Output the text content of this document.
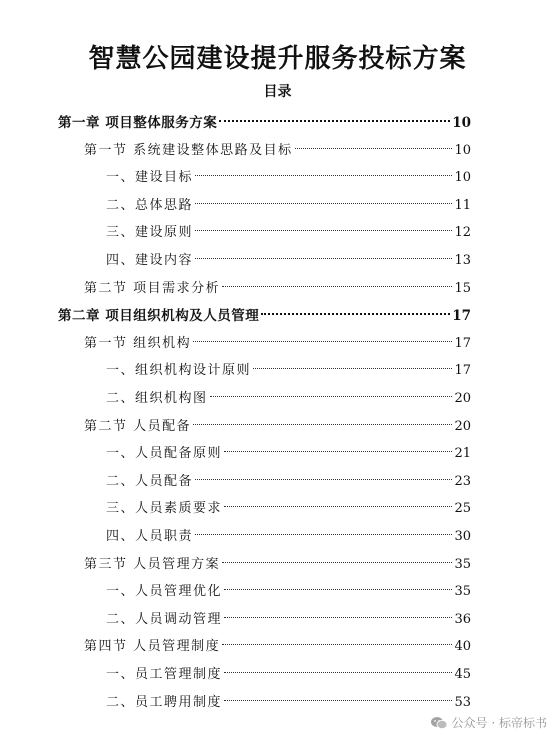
智慧公园建设提升服务投标方案
目录
第一章 项目整体服务方案	10
第一节 系统建设整体思路及目标	10
一、建设目标	10
二、总体思路	11
三、建设原则	12
四、建设内容	13
第二节 项目需求分析	15
第二章 项目组织机构及人员管理	17
第一节 组织机构	17
一、组织机构设计原则	17
二、组织机构图	20
第二节 人员配备	20
一、人员配备原则	21
二、人员配备	23
三、人员素质要求	25
四、人员职责	30
第三节 人员管理方案	35
一、人员管理优化	35
二、人员调动管理	36
第四节 人员管理制度	40
一、员工管理制度	45
二、员工聘用制度	53
公众号 · 标帝标书
